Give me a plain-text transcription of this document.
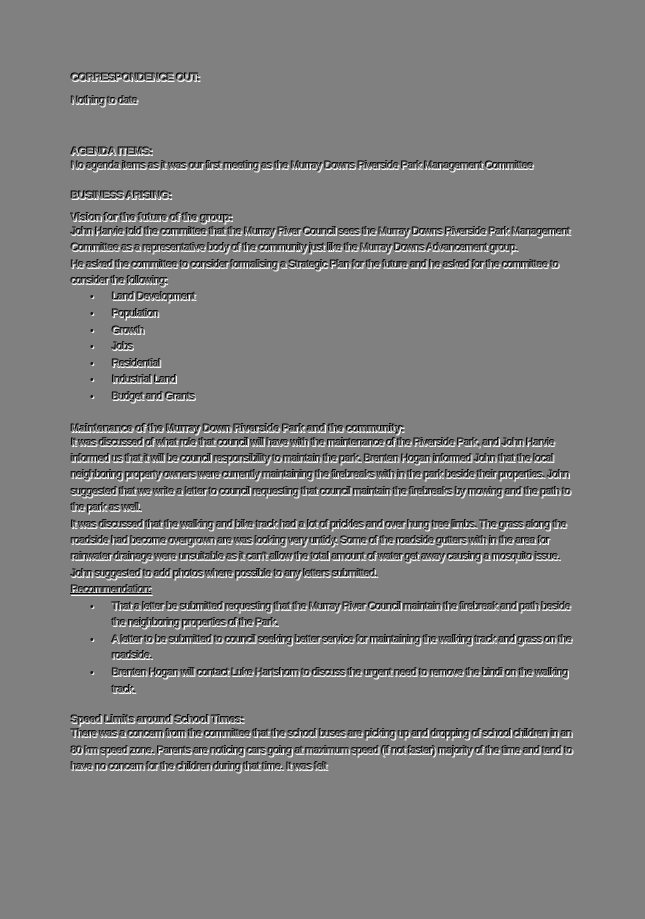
CORRESPONDENCE OUT:
Nothing to date
AGENDA ITEMS:
No agenda items as it was our first meeting as the Murray Downs Riverside Park Management Committee
BUSINESS ARISING:
Vision for the future of the group:
John Harvie told the committee that the Murray River Council sees the Murray Downs Riverside Park Management Committee as a representative body of the community just like the Murray Downs Advancement group.
He asked the committee to consider formalising a Strategic Plan for the future and he asked for the committee to consider the following:
• Land Development
• Population
• Growth
• Jobs
• Residential
• Industrial Land
• Budget and Grants
Maintenance of the Murray Down Riverside Park and the community:
It was discussed of what role that council will have with the maintenance of the Riverside Park, and John Harvie informed us that it will be council responsibility to maintain the park. Brenten Hogan informed John that the local neighboring property owners were currently maintaining the firebreaks with in the park beside their properties. John suggested that we write a letter to council requesting that council maintain the firebreaks by mowing and the path to the park as well.
It was discussed that the walking and bike track had a lot of prickles and over hung tree limbs. The grass along the roadside had become overgrown are was looking very untidy. Some of the roadside gutters with in the area for rainwater drainage were unsuitable as it can't allow the total amount of water get away causing a mosquito issue. John suggested to add photos where possible to any letters submitted.
Recommendation:
• That a letter be submitted requesting that the Murray River Council maintain the firebreak and path beside the neighboring properties of the Park.
• A letter to be submitted to council seeking better service for maintaining the walking track and grass on the roadside.
• Brenten Hogan will contact Luke Hartshorn to discuss the urgent need to remove the bindi on the walking track.
Speed Limits around School Times:
There was a concern from the committee that the school buses are picking up and dropping of school children in an 80 km speed zone. Parents are noticing cars going at maximum speed (if not faster) majority of the time and tend to have no concern for the children during that time. It was felt
